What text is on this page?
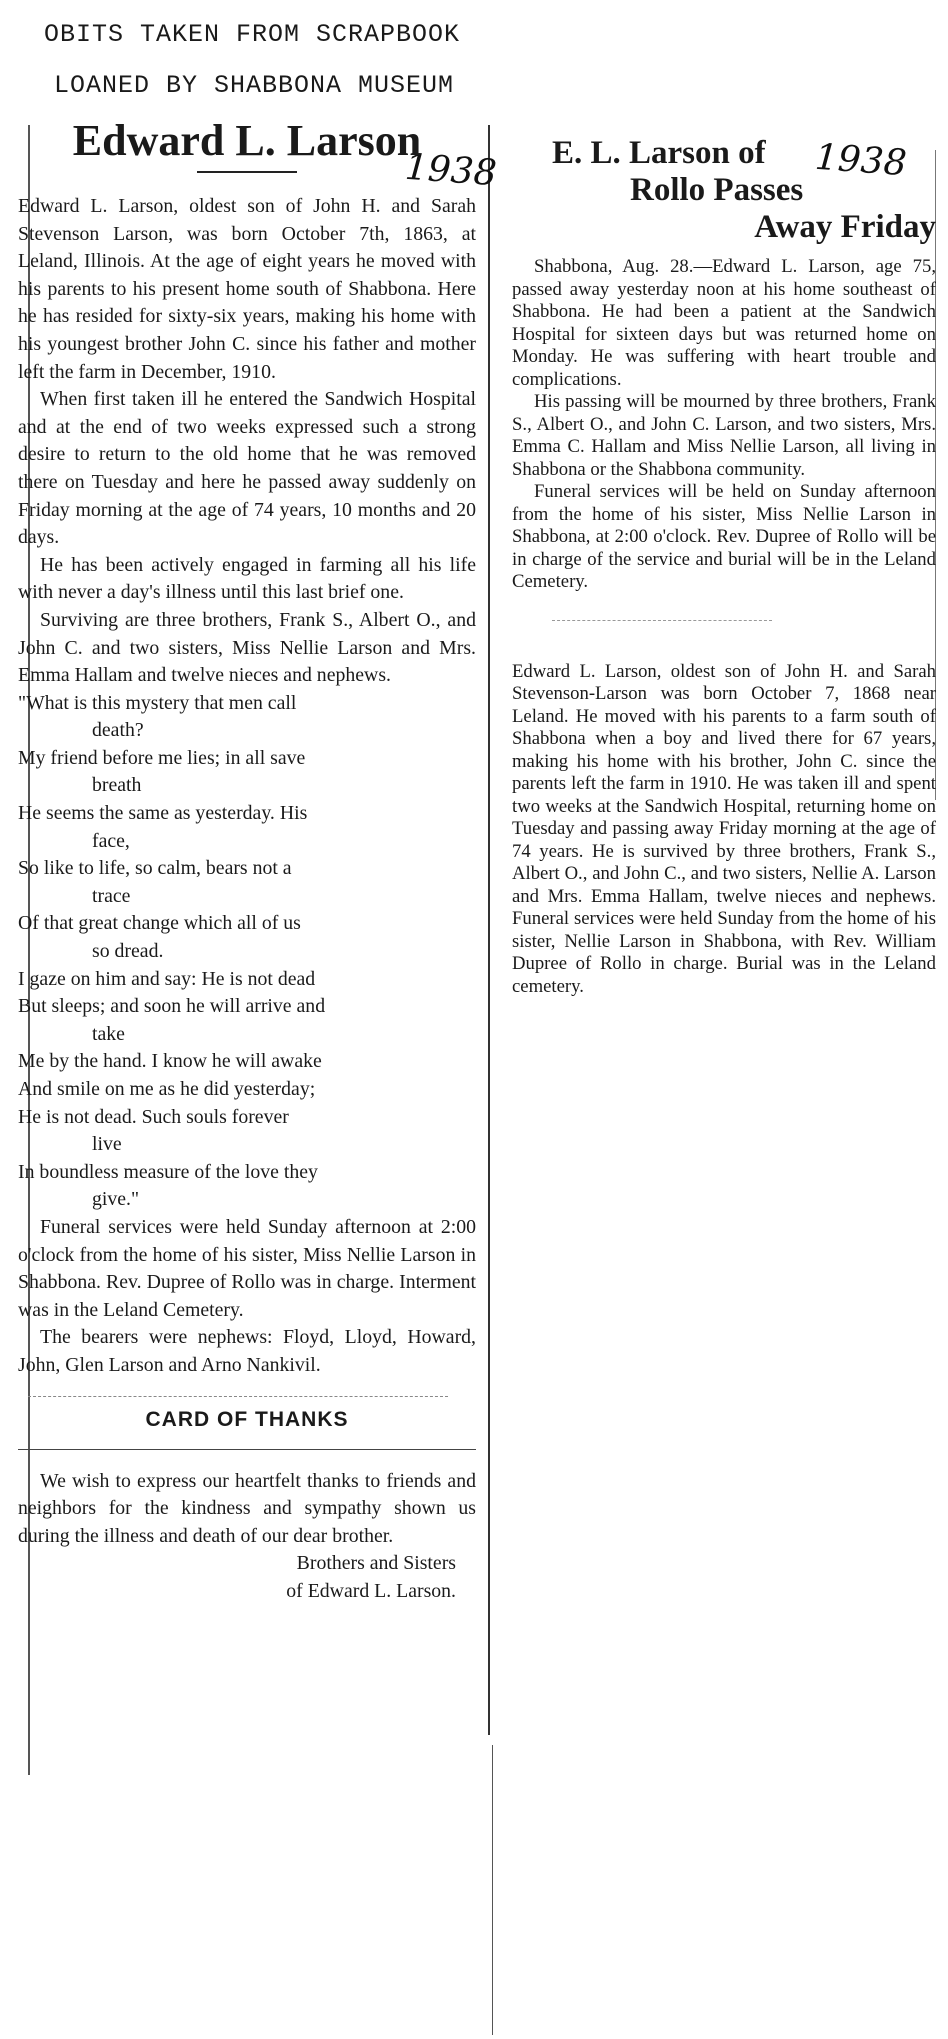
OBITS TAKEN FROM SCRAPBOOK
LOANED BY SHABBONA MUSEUM
1938	1938
Edward L. Larson

Edward L. Larson, oldest son of John H. and Sarah Stevenson Larson, was born October 7th, 1863, at Leland, Illinois. At the age of eight years he moved with his parents to his present home south of Shabbona. Here he has resided for sixty-six years, making his home with his youngest brother John C. since his father and mother left the farm in December, 1910.

When first taken ill he entered the Sandwich Hospital and at the end of two weeks expressed such a strong desire to return to the old home that he was removed there on Tuesday and here he passed away suddenly on Friday morning at the age of 74 years, 10 months and 20 days.

He has been actively engaged in farming all his life with never a day's illness until this last brief one.

Surviving are three brothers, Frank S., Albert O., and John C. and two sisters, Miss Nellie Larson and Mrs. Emma Hallam and twelve nieces and nephews.

"What is this mystery that men call
death?
My friend before me lies; in all save
breath
He seems the same as yesterday. His
face,
So like to life, so calm, bears not a
trace
Of that great change which all of us
so dread.
I gaze on him and say: He is not dead
But sleeps; and soon he will arrive and
take
Me by the hand. I know he will awake
And smile on me as he did yesterday;
He is not dead. Such souls forever
live
In boundless measure of the love they
give."

Funeral services were held Sunday afternoon at 2:00 o'clock from the home of his sister, Miss Nellie Larson in Shabbona. Rev. Dupree of Rollo was in charge. Interment was in the Leland Cemetery.

The bearers were nephews: Floyd, Lloyd, Howard, John, Glen Larson and Arno Nankivil.

CARD OF THANKS

We wish to express our heartfelt thanks to friends and neighbors for the kindness and sympathy shown us during the illness and death of our dear brother.

Brothers and Sisters

of Edward L. Larson.

E. L. Larson of
Rollo Passes
Away Friday

Shabbona, Aug. 28.—Edward L. Larson, age 75, passed away yesterday noon at his home southeast of Shabbona. He had been a patient at the Sandwich Hospital for sixteen days but was returned home on Monday. He was suffering with heart trouble and complications.

His passing will be mourned by three brothers, Frank S., Albert O., and John C. Larson, and two sisters, Mrs. Emma C. Hallam and Miss Nellie Larson, all living in Shabbona or the Shabbona community.

Funeral services will be held on Sunday afternoon from the home of his sister, Miss Nellie Larson in Shabbona, at 2:00 o'clock. Rev. Dupree of Rollo will be in charge of the service and burial will be in the Leland Cemetery.

Edward L. Larson, oldest son of John H. and Sarah Stevenson-Larson was born October 7, 1868 near Leland. He moved with his parents to a farm south of Shabbona when a boy and lived there for 67 years, making his home with his brother, John C. since the parents left the farm in 1910. He was taken ill and spent two weeks at the Sandwich Hospital, returning home on Tuesday and passing away Friday morning at the age of 74 years. He is survived by three brothers, Frank S., Albert O., and John C., and two sisters, Nellie A. Larson and Mrs. Emma Hallam, twelve nieces and nephews. Funeral services were held Sunday from the home of his sister, Nellie Larson in Shabbona, with Rev. William Dupree of Rollo in charge. Burial was in the Leland cemetery.
